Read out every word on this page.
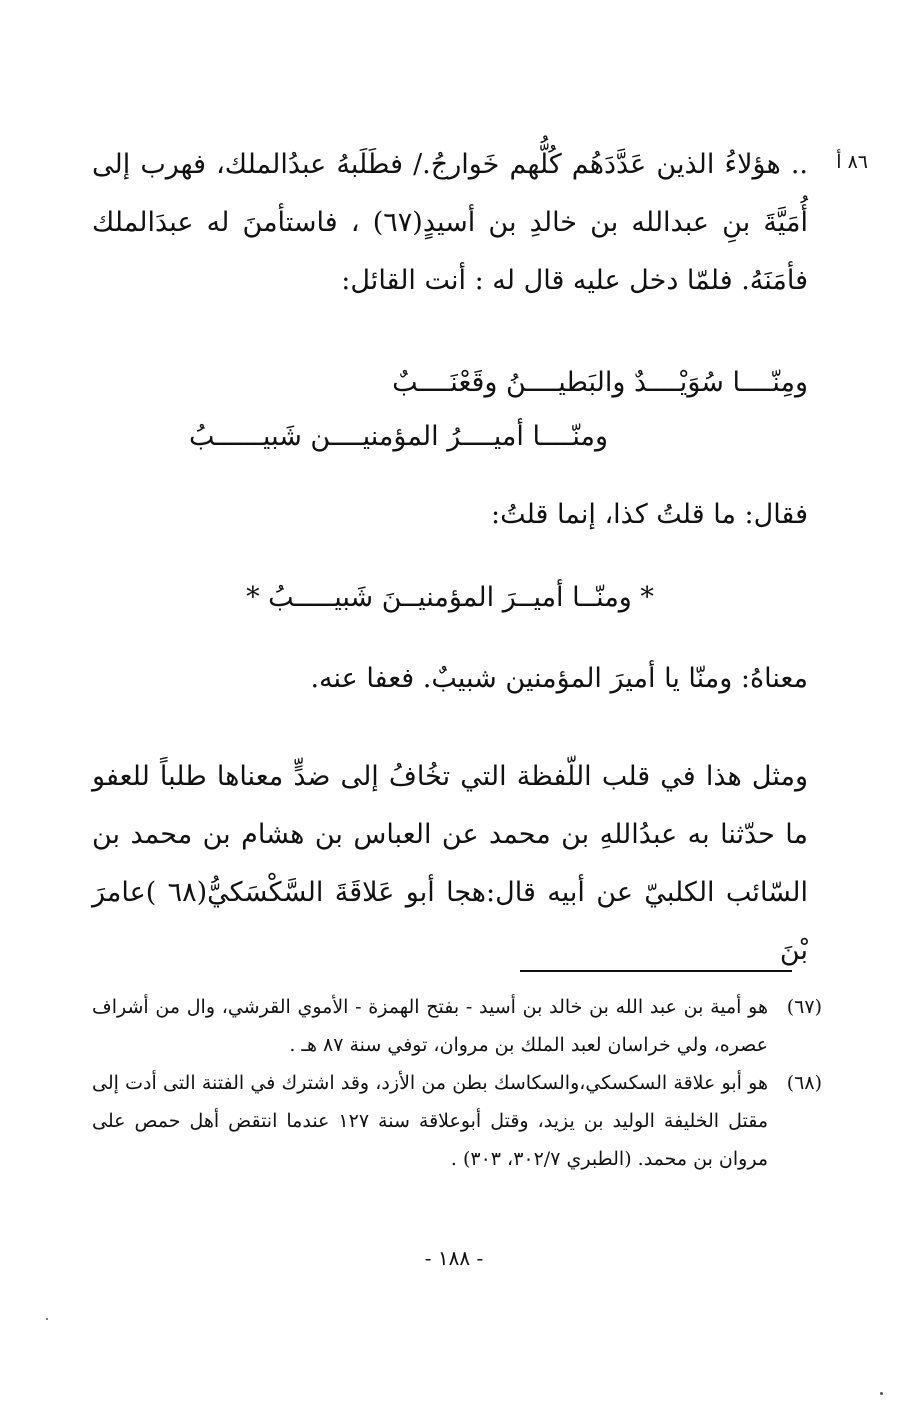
٨٦ أ
.. هؤلاءُ الذين عَدَّدَهُم كُلُّهم خَوارجُ./ فطَلَبهُ عبدُالملك، فهرب إلى أُمَيَّةَ بنِ عبدالله بن خالدِ بن أسيدٍ(٦٧) ، فاستأمنَ له عبدَالملك فأمَنَهُ. فلمّا دخل عليه قال له : أنت القائل:
ومِنّــــا سُوَيْــــدٌ والبَطيــــنُ وقَعْنَــــبٌ
ومنّــــا أميــــرُ المؤمنيــــن شَبيــــــبُ
فقال: ما قلتُ كذا، إنما قلتُ:
* ومنّــا أميــرَ المؤمنيــنَ شَبيـــــبُ *
معناهُ: ومنّا يا أميرَ المؤمنين شبيبٌ. فعفا عنه.
ومثل هذا في قلب اللّفظة التي تخُافُ إلى ضدٍّ معناها طلباً للعفو ما حدّثنا به عبدُاللهِ بن محمد عن العباس بن هشام بن محمد بن السّائب الكلبيّ عن أبيه قال:هجا أبو عَلاقَةَ السَّكْسَكيُّ(٦٨ )عامرَ بْنَ
(٦٧)
هو أمية بن عبد الله بن خالد بن أسيد - بفتح الهمزة - الأموي القرشي، وال من أشراف عصره، ولي خراسان لعبد الملك بن مروان، توفي سنة ٨٧ هـ .
(٦٨)
هو أبو علاقة السكسكي،والسكاسك بطن من الأزد، وقد اشترك في الفتنة التى أدت إلى مقتل الخليفة الوليد بن يزيد، وقتل أبوعلاقة سنة ١٢٧ عندما انتقض أهل حمص على مروان بن محمد. (الطبري ٣٠٢/٧، ٣٠٣) .
- ١٨٨ -
